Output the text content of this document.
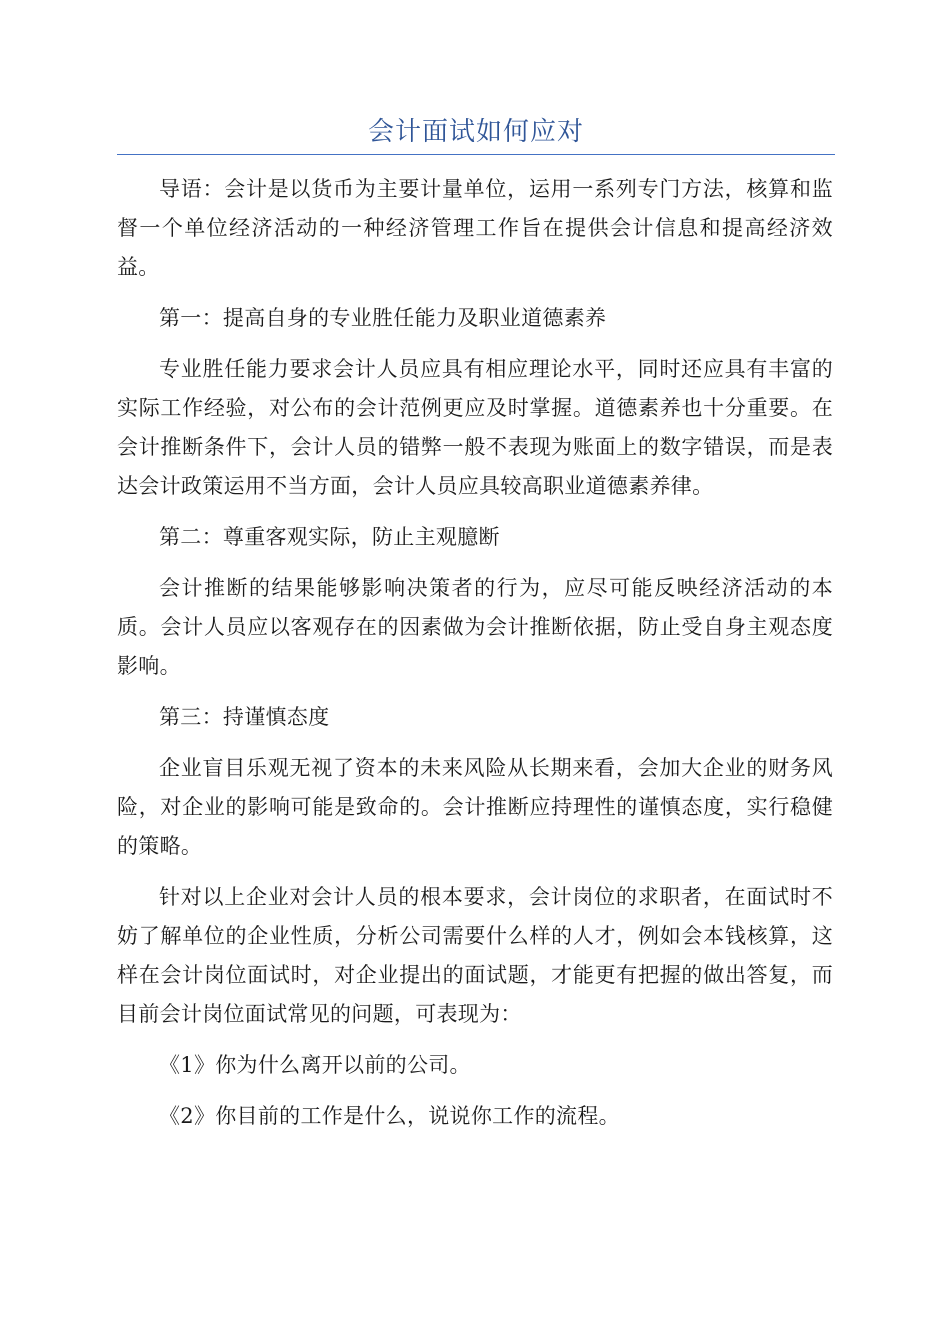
会计面试如何应对

导语：会计是以货币为主要计量单位，运用一系列专门方法，核算和监督一个单位经济活动的一种经济管理工作旨在提供会计信息和提高经济效益。

第一：提高自身的专业胜任能力及职业道德素养

专业胜任能力要求会计人员应具有相应理论水平，同时还应具有丰富的实际工作经验，对公布的会计范例更应及时掌握。道德素养也十分重要。在会计推断条件下，会计人员的错弊一般不表现为账面上的数字错误，而是表达会计政策运用不当方面，会计人员应具较高职业道德素养律。

第二：尊重客观实际，防止主观臆断

会计推断的结果能够影响决策者的行为，应尽可能反映经济活动的本质。会计人员应以客观存在的因素做为会计推断依据，防止受自身主观态度影响。

第三：持谨慎态度

企业盲目乐观无视了资本的未来风险从长期来看，会加大企业的财务风险，对企业的影响可能是致命的。会计推断应持理性的谨慎态度，实行稳健的策略。

针对以上企业对会计人员的根本要求，会计岗位的求职者，在面试时不妨了解单位的企业性质，分析公司需要什么样的人才，例如会本钱核算，这样在会计岗位面试时，对企业提出的面试题，才能更有把握的做出答复，而目前会计岗位面试常见的问题，可表现为：

《1》你为什么离开以前的公司。

《2》你目前的工作是什么，说说你工作的流程。
